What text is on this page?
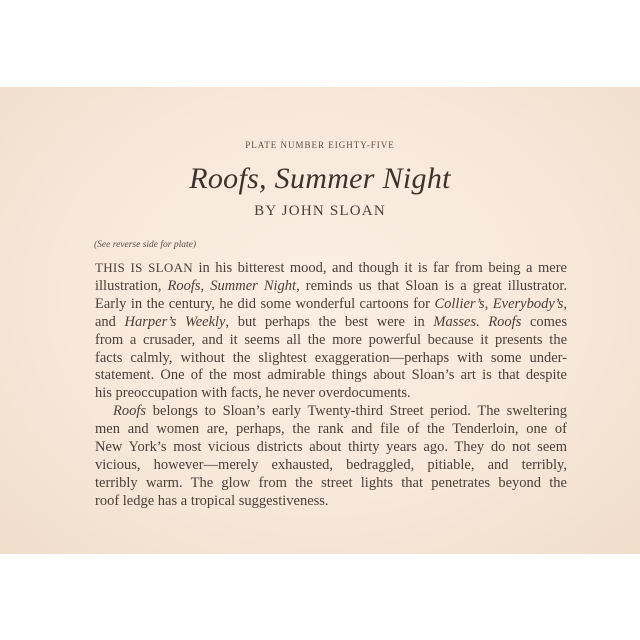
PLATE NUMBER EIGHTY-FIVE
Roofs, Summer Night
BY JOHN SLOAN
(See reverse side for plate)
THIS IS SLOAN in his bitterest mood, and though it is far from being a mere
illustration, Roofs, Summer Night, reminds us that Sloan is a great illustrator.
Early in the century, he did some wonderful cartoons for Collier’s, Everybody’s,
and Harper’s Weekly, but perhaps the best were in Masses. Roofs comes
from a crusader, and it seems all the more powerful because it presents the
facts calmly, without the slightest exaggeration—perhaps with some under-
statement. One of the most admirable things about Sloan’s art is that despite
his preoccupation with facts, he never overdocuments.
Roofs belongs to Sloan’s early Twenty-third Street period. The sweltering
men and women are, perhaps, the rank and file of the Tenderloin, one of
New York’s most vicious districts about thirty years ago. They do not seem
vicious, however—merely exhausted, bedraggled, pitiable, and terribly,
terribly warm. The glow from the street lights that penetrates beyond the
roof ledge has a tropical suggestiveness.
